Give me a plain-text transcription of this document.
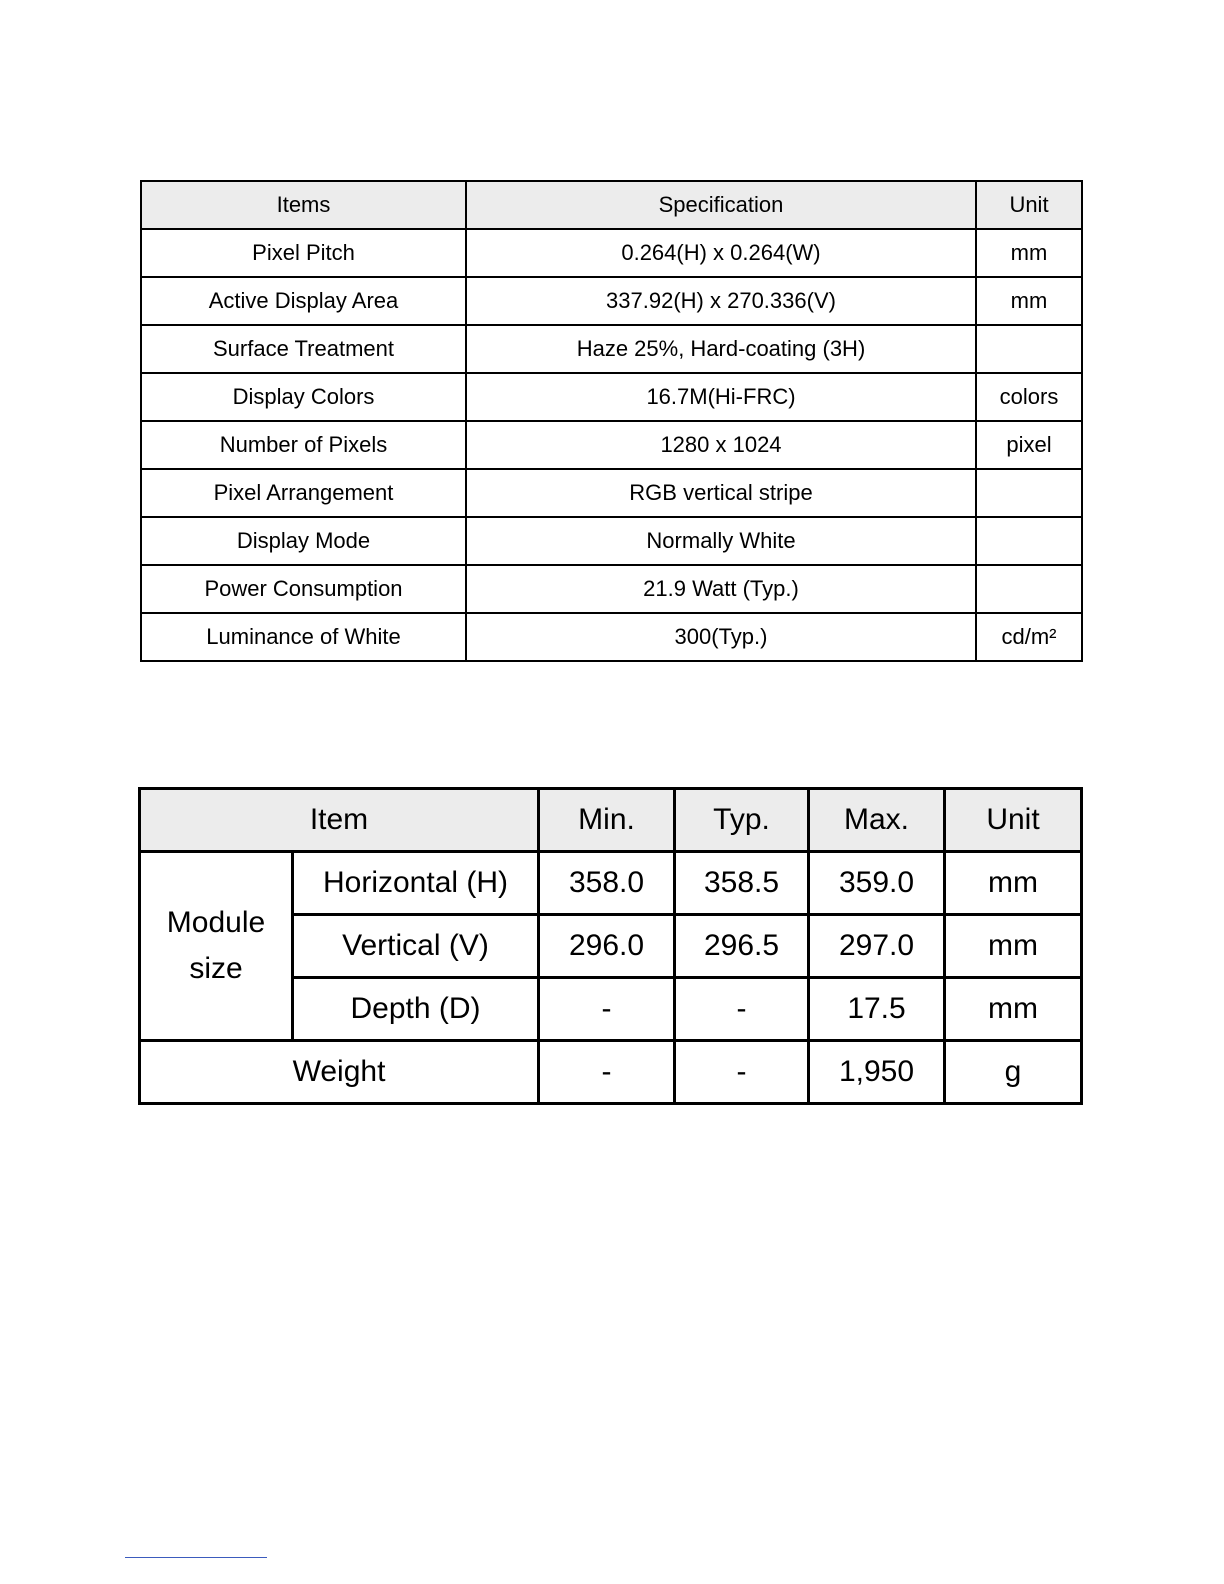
Items	Specification	Unit
Pixel Pitch	0.264(H) x 0.264(W)	mm
Active Display Area	337.92(H) x 270.336(V)	mm
Surface Treatment	Haze 25%, Hard-coating (3H)	
Display Colors	16.7M(Hi-FRC)	colors
Number of Pixels	1280 x 1024	pixel
Pixel Arrangement	RGB vertical stripe	
Display Mode	Normally White	
Power Consumption	21.9 Watt (Typ.)	
Luminance of White	300(Typ.)	cd/m²
Item		Min.	Typ.	Max.	Unit

Module
size	Horizontal (H)	358.0	358.5	359.0	mm
	Vertical (V)	296.0	296.5	297.0	mm
	Depth (D)	-	-	17.5	mm
Weight		-	-	1,950	g
